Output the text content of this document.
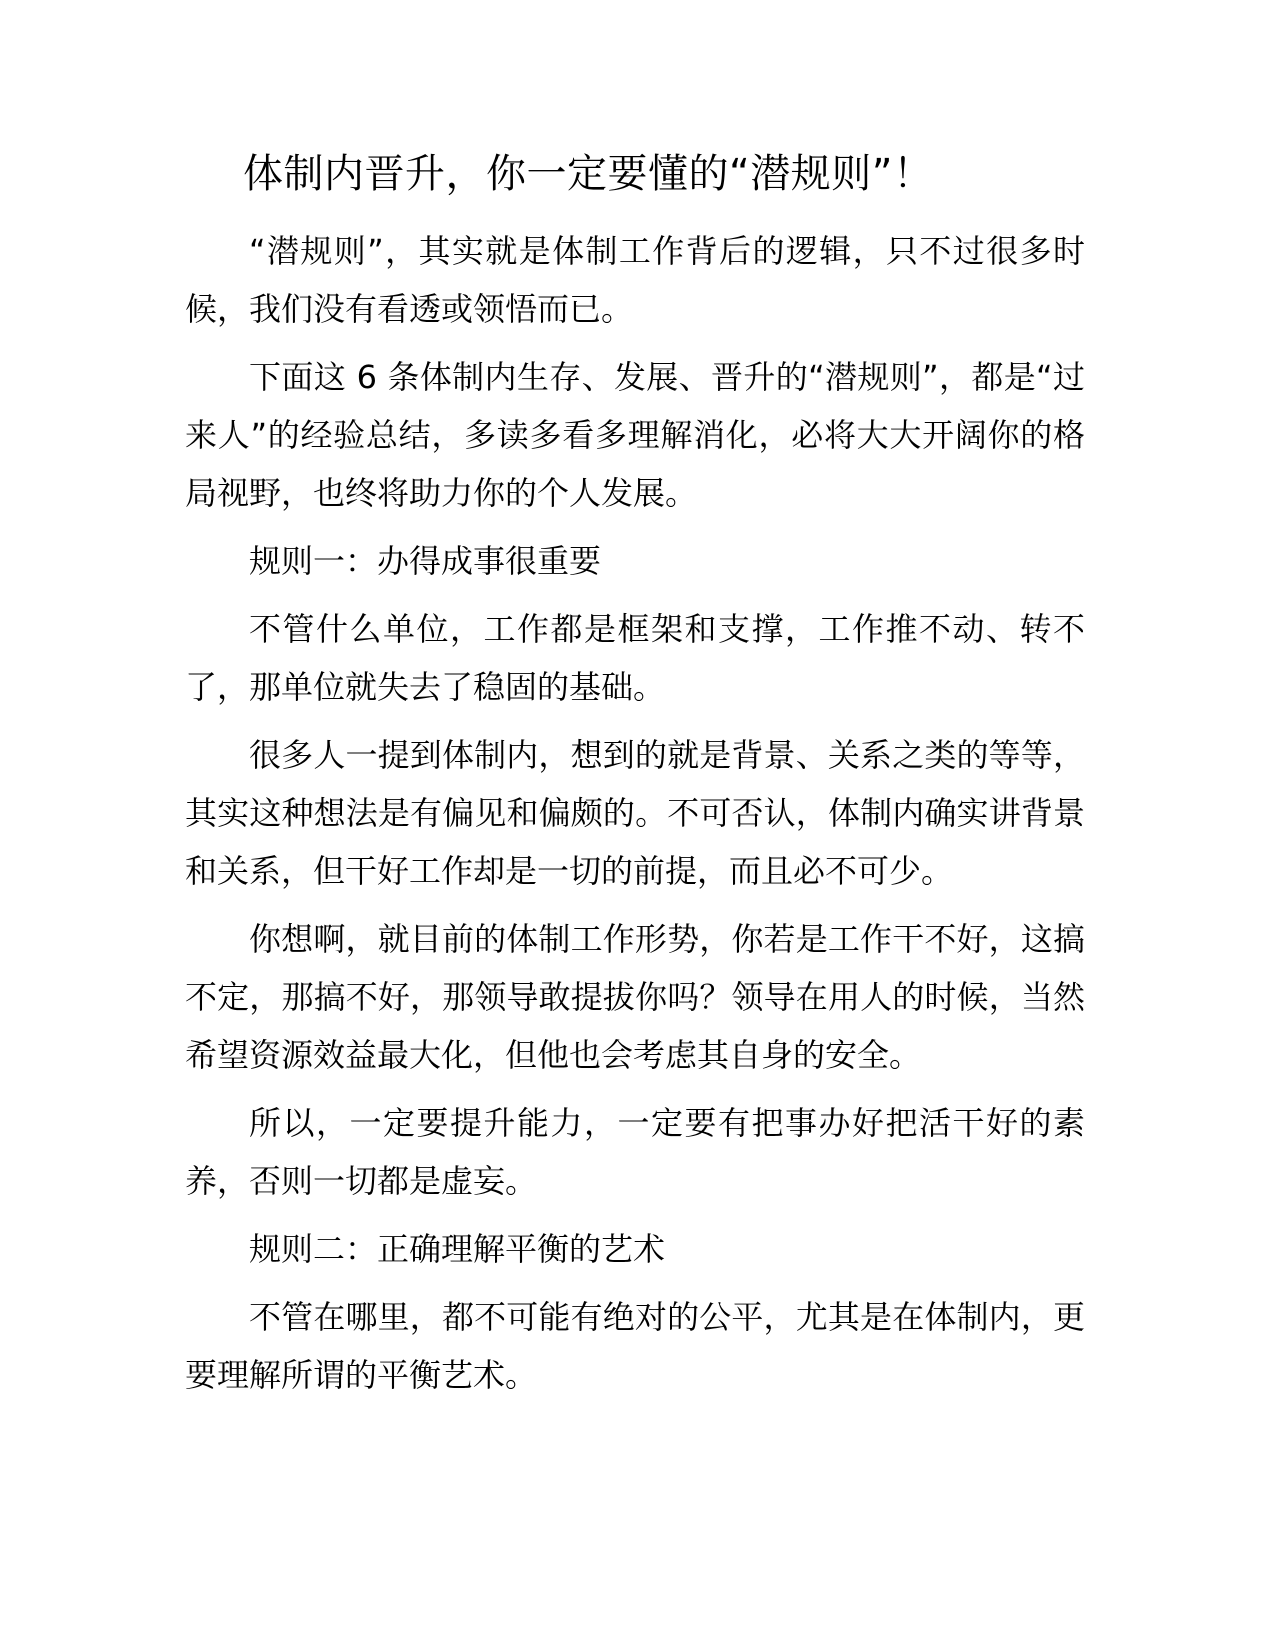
体制内晋升，你一定要懂的“潜规则”！

“潜规则”，其实就是体制工作背后的逻辑，只不过很多时候，我们没有看透或领悟而已。

下面这 6 条体制内生存、发展、晋升的“潜规则”，都是“过来人”的经验总结，多读多看多理解消化，必将大大开阔你的格局视野，也终将助力你的个人发展。

规则一：办得成事很重要

不管什么单位，工作都是框架和支撑，工作推不动、转不了，那单位就失去了稳固的基础。

很多人一提到体制内，想到的就是背景、关系之类的等等，其实这种想法是有偏见和偏颇的。不可否认，体制内确实讲背景和关系，但干好工作却是一切的前提，而且必不可少。

你想啊，就目前的体制工作形势，你若是工作干不好，这搞不定，那搞不好，那领导敢提拔你吗？领导在用人的时候，当然希望资源效益最大化，但他也会考虑其自身的安全。

所以，一定要提升能力，一定要有把事办好把活干好的素养，否则一切都是虚妄。

规则二：正确理解平衡的艺术

不管在哪里，都不可能有绝对的公平，尤其是在体制内，更要理解所谓的平衡艺术。
